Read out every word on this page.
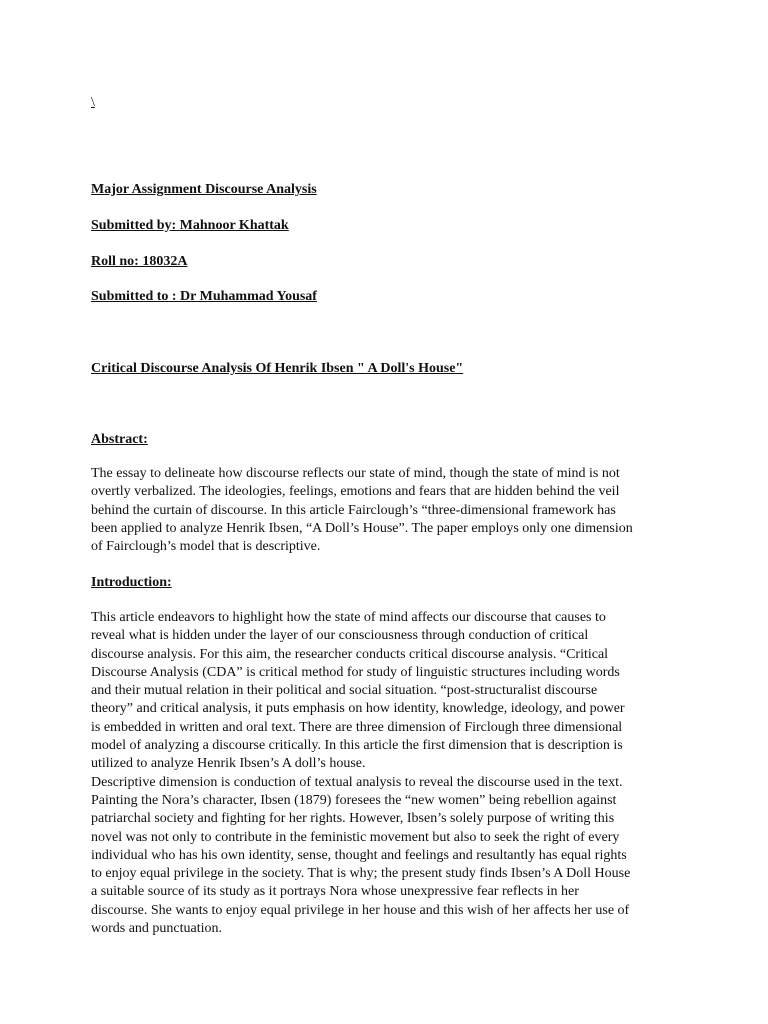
\
Major Assignment Discourse Analysis
Submitted by: Mahnoor Khattak
Roll no: 18032A
Submitted to : Dr Muhammad Yousaf
Critical Discourse Analysis Of Henrik Ibsen " A Doll's House"
Abstract:
The essay to delineate how discourse reflects our state of mind, though the state of mind is not
overtly verbalized. The ideologies, feelings, emotions and fears that are hidden behind the veil
behind the curtain of discourse. In this article Fairclough’s “three-dimensional framework has
been applied to analyze Henrik Ibsen, “A Doll’s House”. The paper employs only one dimension
of Fairclough’s model that is descriptive.
Introduction:
This article endeavors to highlight how the state of mind affects our discourse that causes to
reveal what is hidden under the layer of our consciousness through conduction of critical
discourse analysis. For this aim, the researcher conducts critical discourse analysis. “Critical
Discourse Analysis (CDA” is critical method for study of linguistic structures including words
and their mutual relation in their political and social situation. “post-structuralist discourse
theory” and critical analysis, it puts emphasis on how identity, knowledge, ideology, and power
is embedded in written and oral text. There are three dimension of Firclough three dimensional
model of analyzing a discourse critically. In this article the first dimension that is description is
utilized to analyze Henrik Ibsen’s A doll’s house.
Descriptive dimension is conduction of textual analysis to reveal the discourse used in the text.
Painting the Nora’s character, Ibsen (1879) foresees the “new women” being rebellion against
patriarchal society and fighting for her rights. However, Ibsen’s solely purpose of writing this
novel was not only to contribute in the feministic movement but also to seek the right of every
individual who has his own identity, sense, thought and feelings and resultantly has equal rights
to enjoy equal privilege in the society. That is why; the present study finds Ibsen’s A Doll House
a suitable source of its study as it portrays Nora whose unexpressive fear reflects in her
discourse. She wants to enjoy equal privilege in her house and this wish of her affects her use of
words and punctuation.
